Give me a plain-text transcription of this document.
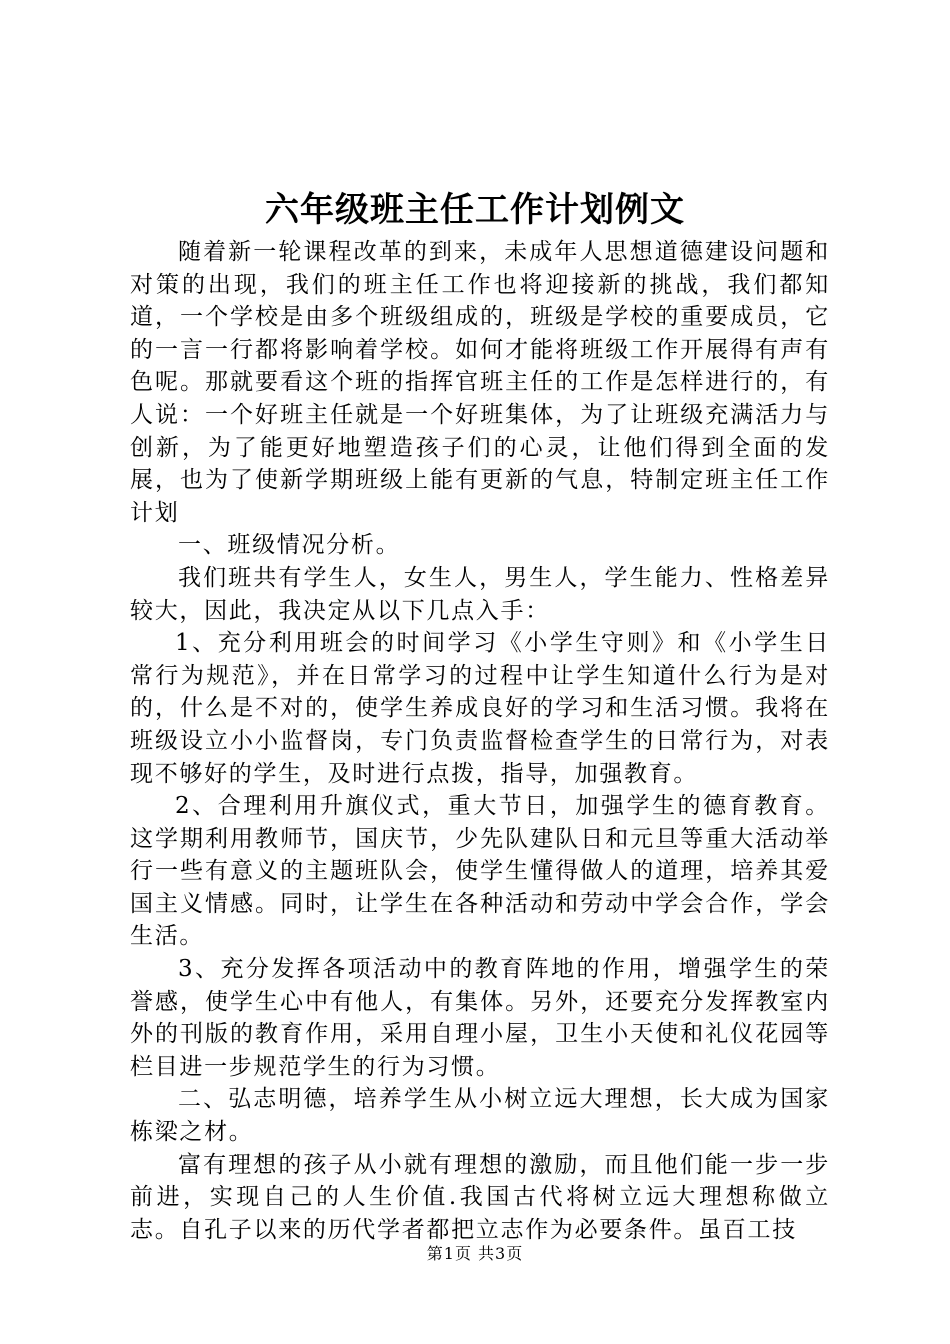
六年级班主任工作计划例文

随着新一轮课程改革的到来，未成年人思想道德建设问题和对策的出现，我们的班主任工作也将迎接新的挑战，我们都知道，一个学校是由多个班级组成的，班级是学校的重要成员，它的一言一行都将影响着学校。如何才能将班级工作开展得有声有色呢。那就要看这个班的指挥官班主任的工作是怎样进行的，有人说：一个好班主任就是一个好班集体，为了让班级充满活力与创新，为了能更好地塑造孩子们的心灵，让他们得到全面的发展，也为了使新学期班级上能有更新的气息，特制定班主任工作计划

一、班级情况分析。

我们班共有学生人，女生人，男生人，学生能力、性格差异较大，因此，我决定从以下几点入手：

1、充分利用班会的时间学习《小学生守则》和《小学生日常行为规范》，并在日常学习的过程中让学生知道什么行为是对的，什么是不对的，使学生养成良好的学习和生活习惯。我将在班级设立小小监督岗，专门负责监督检查学生的日常行为，对表现不够好的学生，及时进行点拨，指导，加强教育。

2、合理利用升旗仪式，重大节日，加强学生的德育教育。这学期利用教师节，国庆节，少先队建队日和元旦等重大活动举行一些有意义的主题班队会，使学生懂得做人的道理，培养其爱国主义情感。同时，让学生在各种活动和劳动中学会合作，学会生活。

3、充分发挥各项活动中的教育阵地的作用，增强学生的荣誉感，使学生心中有他人，有集体。另外，还要充分发挥教室内外的刊版的教育作用，采用自理小屋，卫生小天使和礼仪花园等栏目进一步规范学生的行为习惯。

二、弘志明德，培养学生从小树立远大理想，长大成为国家栋梁之材。

富有理想的孩子从小就有理想的激励，而且他们能一步一步前进，实现自己的人生价值.我国古代将树立远大理想称做立志。自孔子以来的历代学者都把立志作为必要条件。虽百工技

第1页 共3页
